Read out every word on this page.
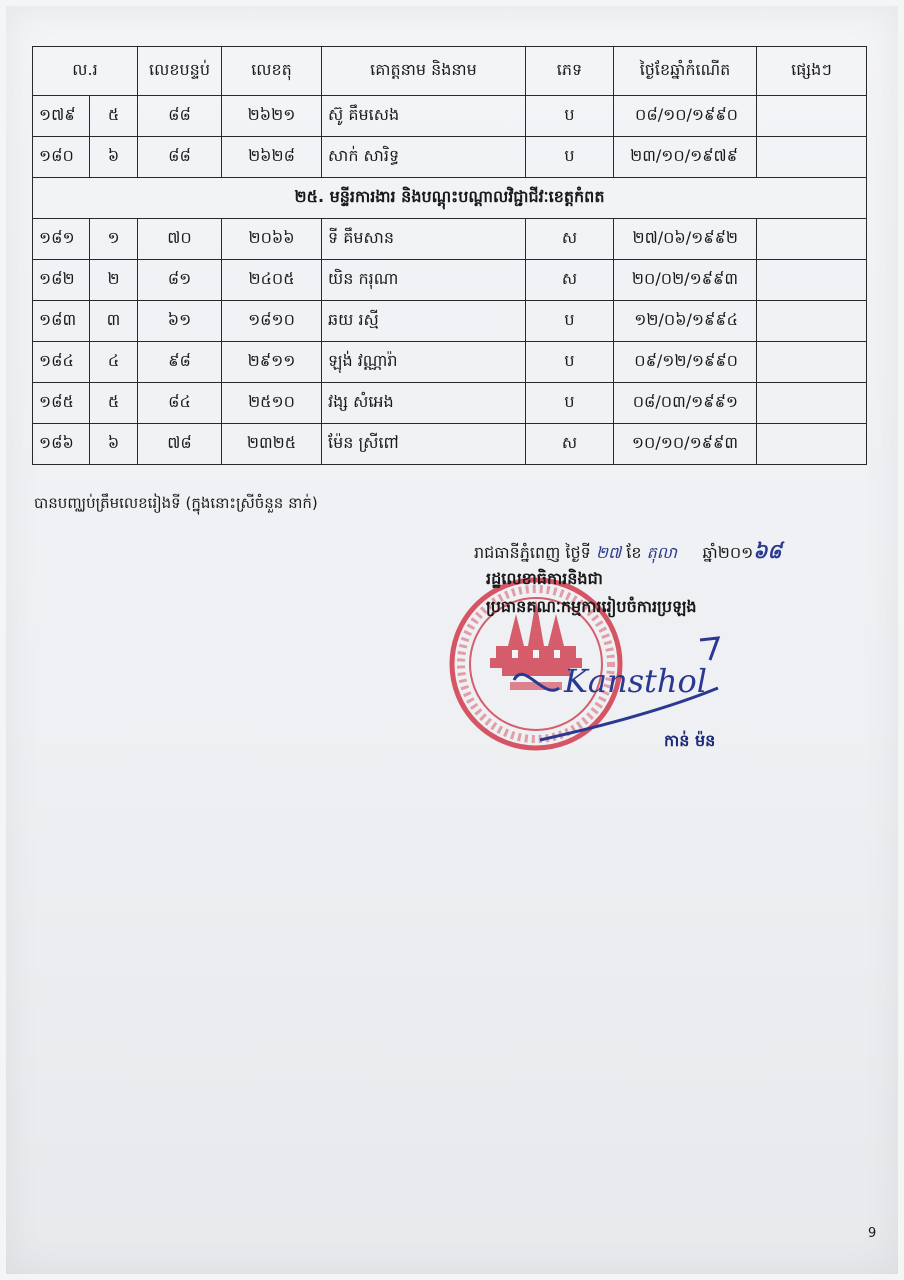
ល.រ		លេខបន្ទប់	លេខតុ	គោត្តនាម និងនាម	ភេទ	ថ្ងៃខែឆ្នាំកំណើត	ផ្សេងៗ
១៧៩	៥	៨៨	២៦២១	ស៊ូ គឹមសេង	ប	០៨/១០/១៩៩០	
១៨០	៦	៨៨	២៦២៨	សាក់ សារិទ្ធ	ប	២៣/១០/១៩៧៩	
២៥. មន្ទីរការងារ និងបណ្តុះបណ្តាលវិជ្ជាជីវៈខេត្តកំពត							
១៨១	១	៧០	២០៦៦	ទី គឹមសាន	ស	២៧/០៦/១៩៩២	
១៨២	២	៨១	២៤០៥	យិន ករុណា	ស	២០/០២/១៩៩៣	
១៨៣	៣	៦១	១៨១០	ឆយ រស្មី	ប	១២/០៦/១៩៩៤	
១៨៤	៤	៩៨	២៩១១	ឡុង់ វណ្ណារ៉ា	ប	០៩/១២/១៩៩០	
១៨៥	៥	៨៤	២៥១០	វង្ស សំអេង	ប	០៨/០៣/១៩៩១	
១៨៦	៦	៧៨	២៣២៥	ម៉ែន ស្រីពៅ	ស	១០/១០/១៩៩៣	
បានបញ្ឈប់ត្រឹមលេខរៀងទី (ក្នុងនោះស្រីចំនួន នាក់)
រាជធានីភ្នំពេញ ថ្ងៃទី ២៧ ខែ តុលា ឆ្នាំ២០១៦៨
រដ្ឋលេខាធិការនិងជា
ប្រធានគណៈកម្មការរៀបចំការប្រឡង
Kansthol
កាន់ ម៉ន
9
